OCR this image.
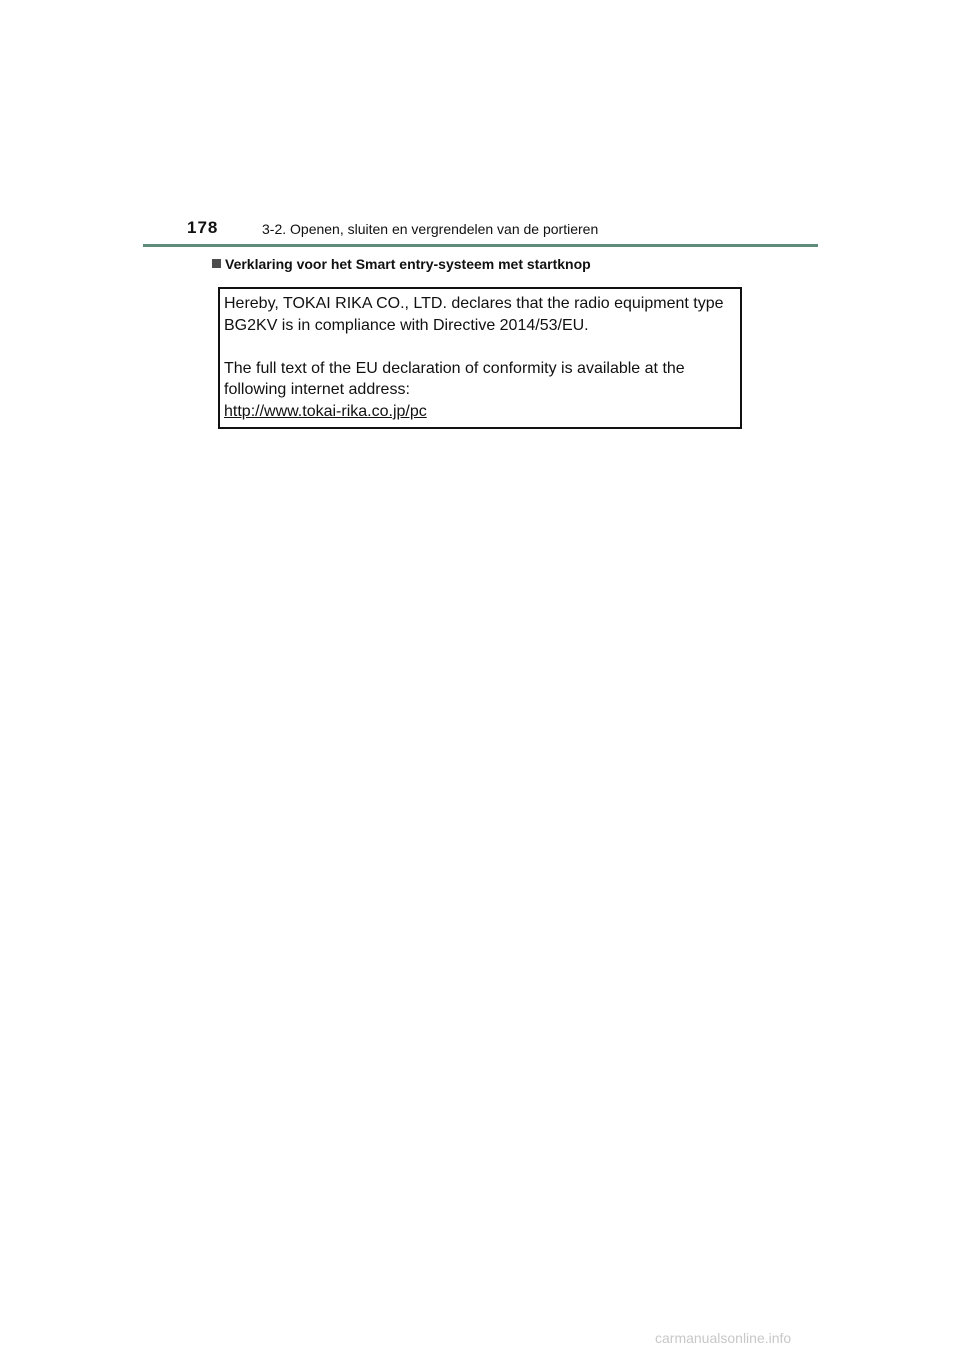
178	3-2. Openen, sluiten en vergrendelen van de portieren
Verklaring voor het Smart entry-systeem met startknop
Hereby, TOKAI RIKA CO., LTD. declares that the radio equipment type
BG2KV is in compliance with Directive 2014/53/EU.
The full text of the EU declaration of conformity is available at the
following internet address:
http://www.tokai-rika.co.jp/pc
carmanualsonline.info
